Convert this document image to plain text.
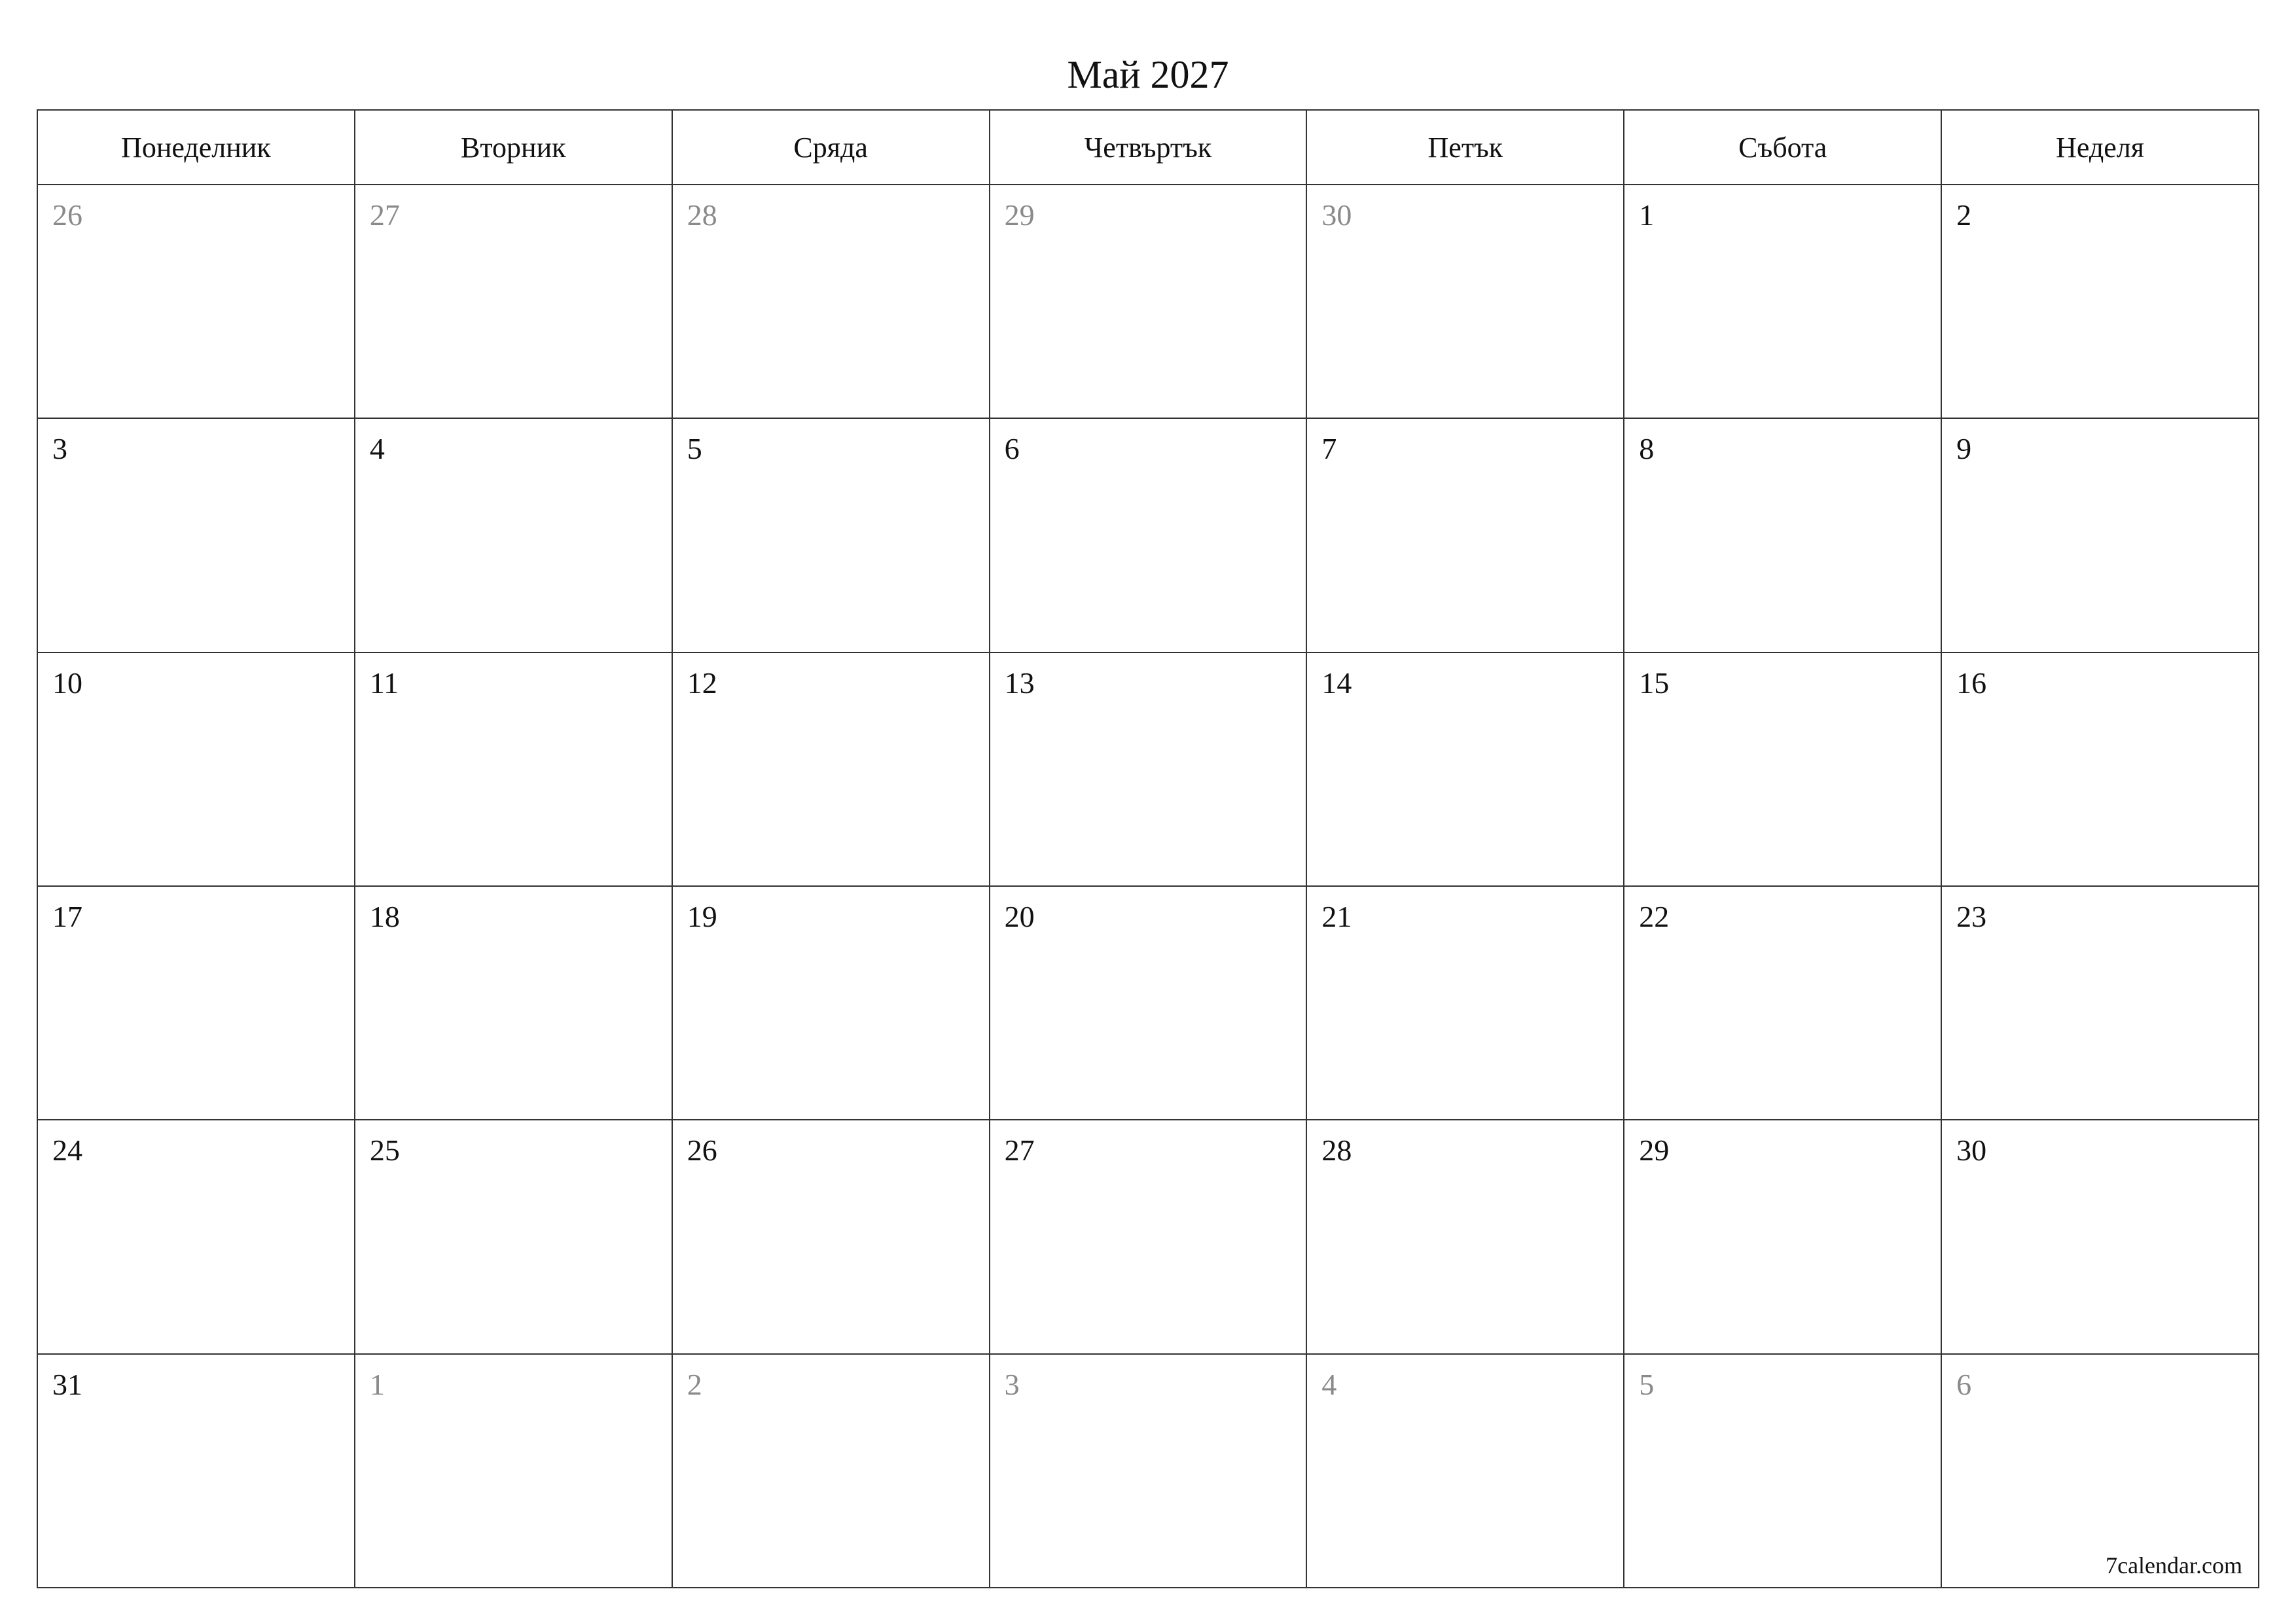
Май 2027
Понеделник	Вторник	Сряда	Четвъртък	Петък	Събота	Неделя
26	27	28	29	30	1	2
3	4	5	6	7	8	9
10	11	12	13	14	15	16
17	18	19	20	21	22	23
24	25	26	27	28	29	30
31	1	2	3	4	5	6
7calendar.com
